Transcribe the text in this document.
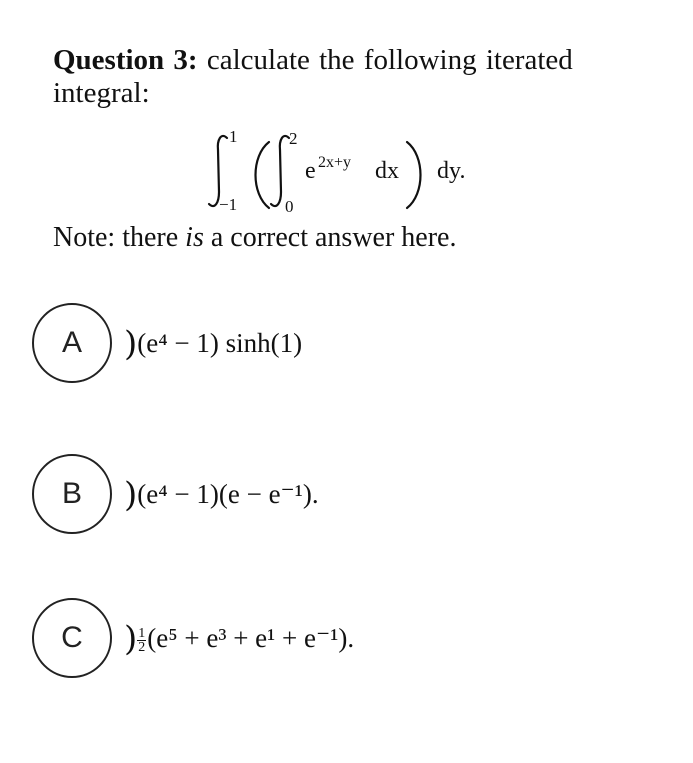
Question 3: calculate the following iterated integral:
1
−1
2
0
e 2x+y dx dy.
Note: there is a correct answer here.
A	)(e⁴ − 1) sinh(1)
B	)(e⁴ − 1)(e − e⁻¹).
C	) $\frac{1}{2} (e^5 + e^3 + e^1 + e^{-1})$.
